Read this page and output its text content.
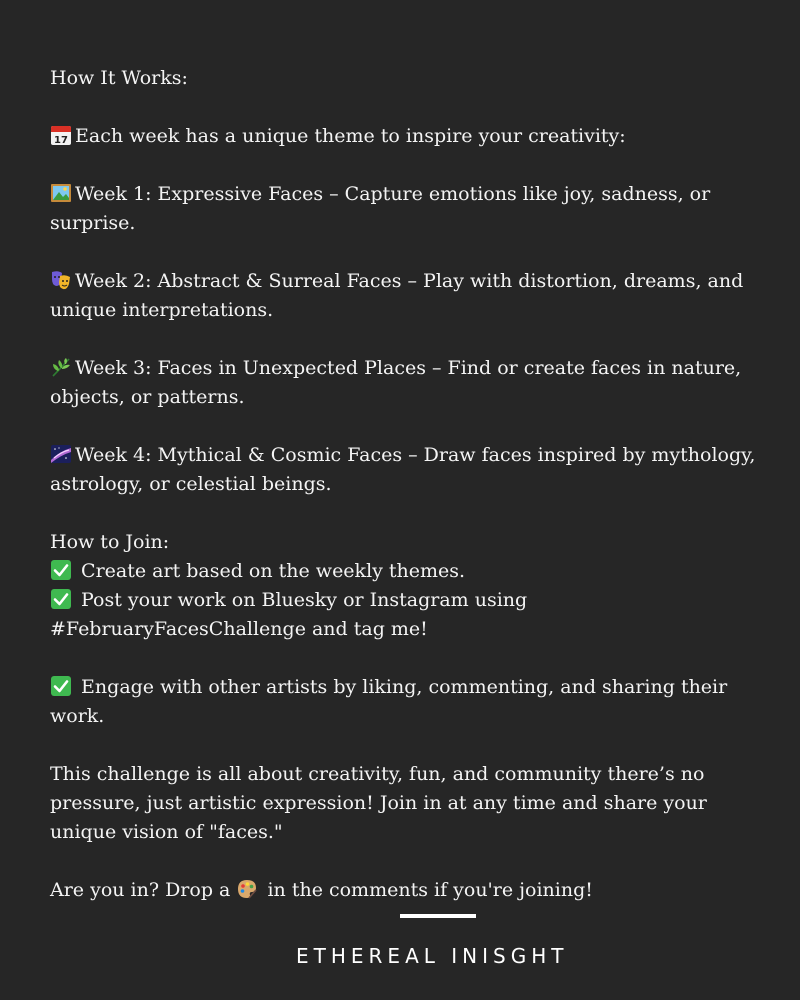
How It Works:
17 Each week has a unique theme to inspire your creativity:
Week 1: Expressive Faces – Capture emotions like joy, sadness, or
surprise.
Week 2: Abstract & Surreal Faces – Play with distortion, dreams, and
unique interpretations.
Week 3: Faces in Unexpected Places – Find or create faces in nature,
objects, or patterns.
Week 4: Mythical & Cosmic Faces – Draw faces inspired by mythology,
astrology, or celestial beings.
How to Join:
Create art based on the weekly themes.
Post your work on Bluesky or Instagram using
#FebruaryFacesChallenge and tag me!
Engage with other artists by liking, commenting, and sharing their
work.
This challenge is all about creativity, fun, and community there’s no
pressure, just artistic expression! Join in at any time and share your
unique vision of "faces."
Are you in? Drop a in the comments if you're joining!
ETHEREAL INISGHT
